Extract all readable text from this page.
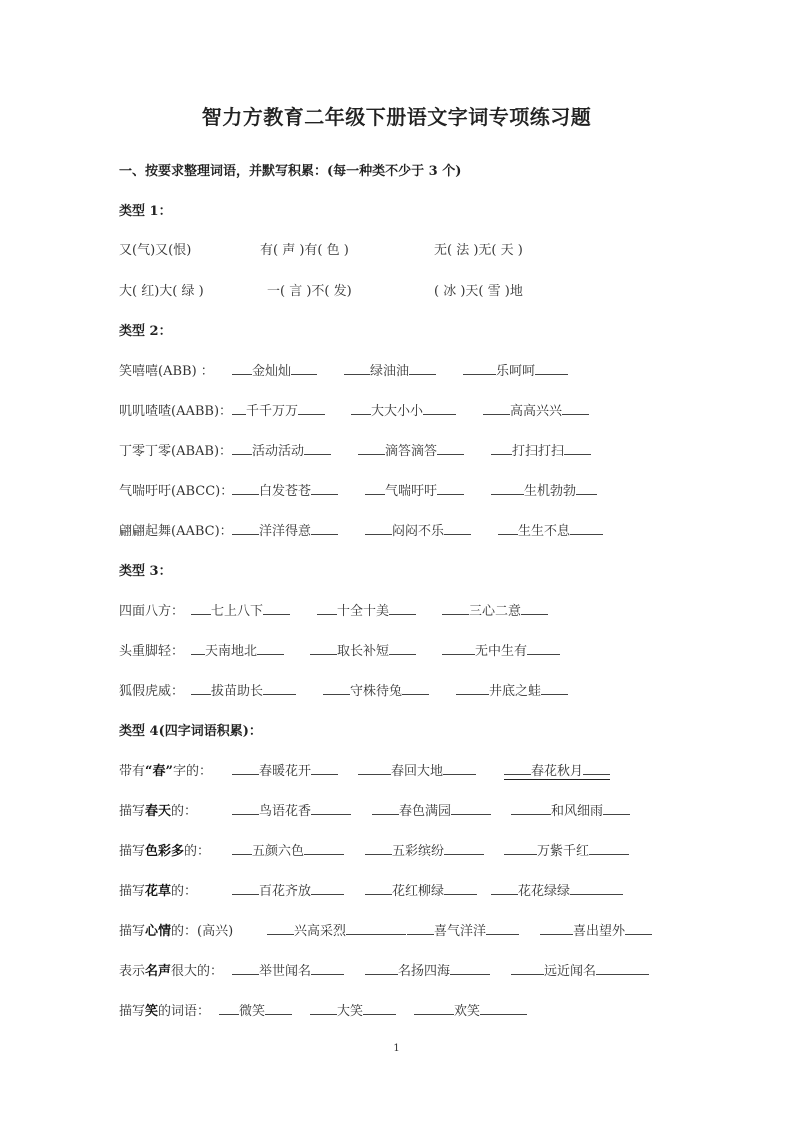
智力方教育二年级下册语文字词专项练习题
一、按要求整理词语，并默写积累：(每一种类不少于 3 个)
类型 1：
又(气)又(恨)	有( 声 )有( 色 )	无( 法 )无( 天 )
大( 红)大( 绿 )	一( 言 )不( 发)	( 冰 )天( 雪 )地
类型 2：
笑嘻嘻(ABB) ：	金灿灿	绿油油	乐呵呵
叽叽喳喳(AABB)：	千千万万	大大小小	高高兴兴
丁零丁零(ABAB)：	活动活动	滴答滴答	打扫打扫
气喘吁吁(ABCC)：	白发苍苍	气喘吁吁	生机勃勃
翩翩起舞(AABC)：	洋洋得意	闷闷不乐	生生不息
类型 3：
四面八方：	七上八下	十全十美	三心二意
头重脚轻：	天南地北	取长补短	无中生有
狐假虎威：	拔苗助长	守株待兔	井底之蛙
类型 4(四字词语积累)：
带有“春”字的：	春暖花开	春回大地	春花秋月
描写春天的：	鸟语花香	春色满园	和风细雨
描写色彩多的：	五颜六色	五彩缤纷	万紫千红
描写花草的：	百花齐放	花红柳绿	花花绿绿
描写心情的：(高兴)	兴高采烈	喜气洋洋	喜出望外
表示名声很大的：	举世闻名	名扬四海	远近闻名
描写笑的词语：	微笑	大笑	欢笑
1
